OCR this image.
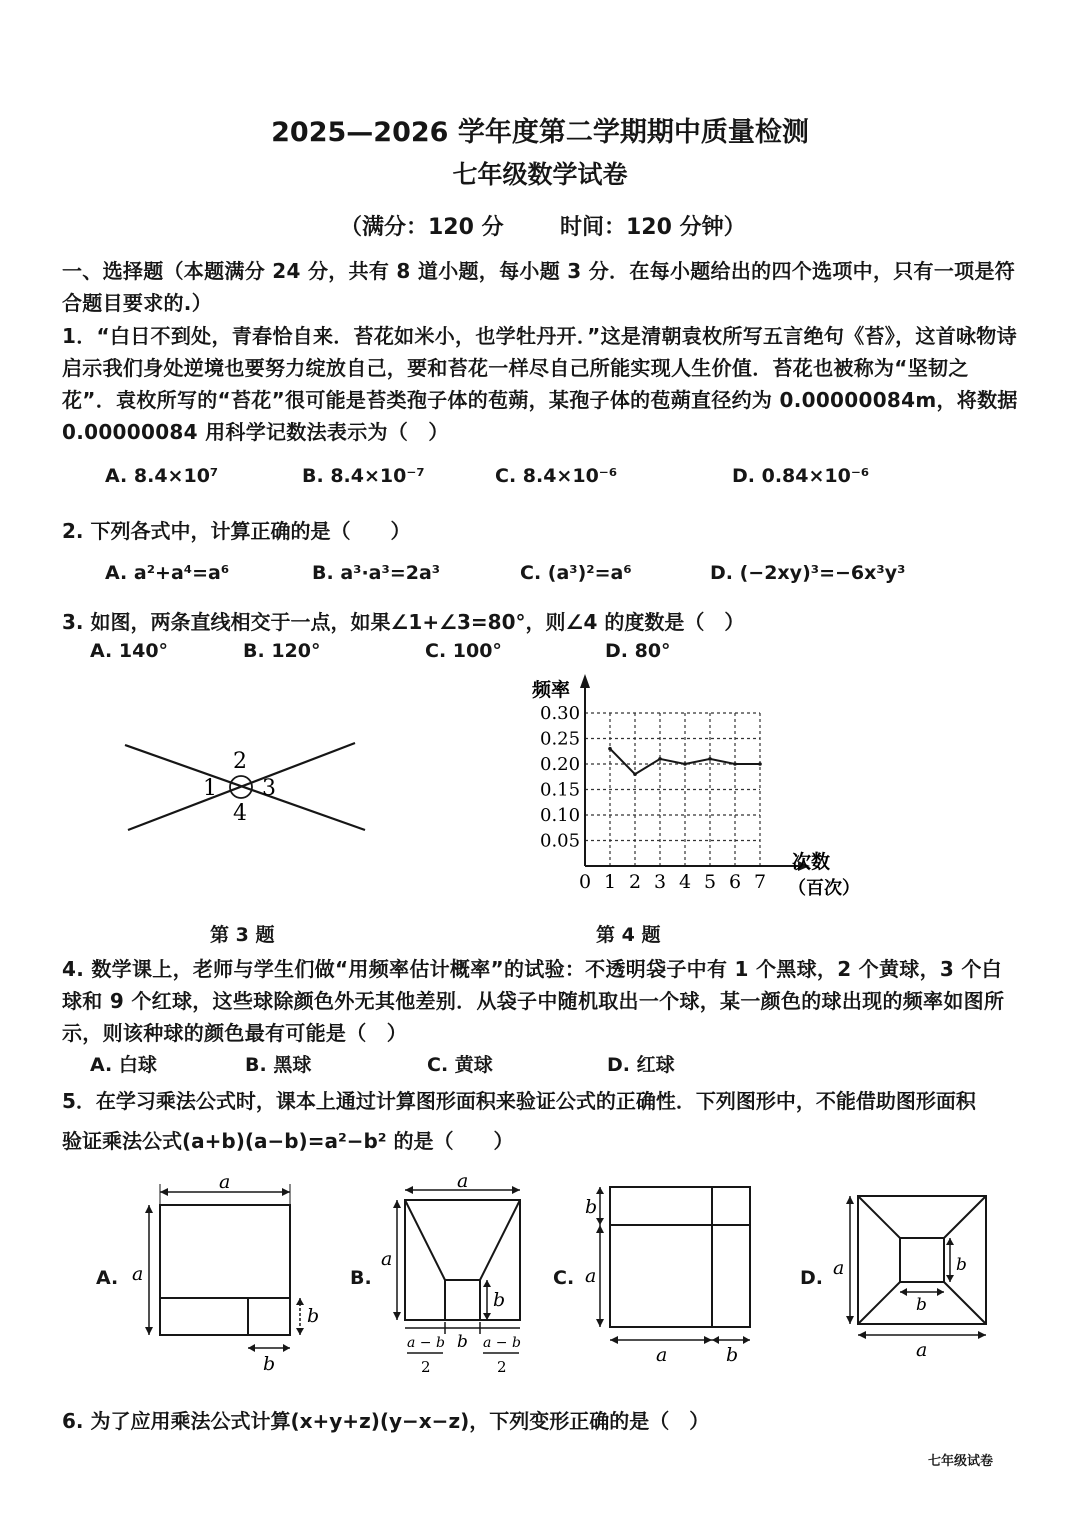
2025—2026 学年度第二学期期中质量检测
七年级数学试卷
（满分：120 分	时间：120 分钟）
一、选择题（本题满分 24 分，共有 8 道小题，每小题 3 分．在每小题给出的四个选项中，只有一项是符合题目要求的.）
1．“白日不到处，青春恰自来．苔花如米小，也学牡丹开．”这是清朝袁枚所写五言绝句《苔》，这首咏物诗启示我们身处逆境也要努力绽放自己，要和苔花一样尽自己所能实现人生价值．苔花也被称为“坚韧之花”．袁枚所写的“苔花”很可能是苔类孢子体的苞蒴，某孢子体的苞蒴直径约为 0.00000084m，将数据 0.00000084 用科学记数法表示为（　）
A. 8.4×10⁷	B. 8.4×10⁻⁷	C. 8.4×10⁻⁶	D. 0.84×10⁻⁶
2. 下列各式中，计算正确的是（　　）
A. a²+a⁴=a⁶	B. a³·a³=2a³	C. (a³)²=a⁶	D. (−2xy)³=−6x³y³
3. 如图，两条直线相交于一点，如果∠1+∠3=80°，则∠4 的度数是（　）
A. 140°	B. 120°	C. 100°	D. 80°
1
2
3
4
频率
次数
（百次）
0 1 2 3 4 5 6 7
0.05
0.10
0.15
0.20
0.25
0.30
第 3 题	第 4 题
4. 数学课上，老师与学生们做“用频率估计概率”的试验：不透明袋子中有 1 个黑球，2 个黄球，3 个白球和 9 个红球，这些球除颜色外无其他差别．从袋子中随机取出一个球，某一颜色的球出现的频率如图所示，则该种球的颜色最有可能是（　）
A. 白球	B. 黑球	C. 黄球	D. 红球
5．在学习乘法公式时，课本上通过计算图形面积来验证公式的正确性．下列图形中，不能借助图形面积
验证乘法公式(a+b)(a−b)=a²−b² 的是（　　）
A.
a
a
b
b
B.
a
a
b
a − b
2
b a − b
2
C.
b
a
a	b
D. a	b
b
a
6. 为了应用乘法公式计算(x+y+z)(y−x−z)，下列变形正确的是（　）
七年级试卷
